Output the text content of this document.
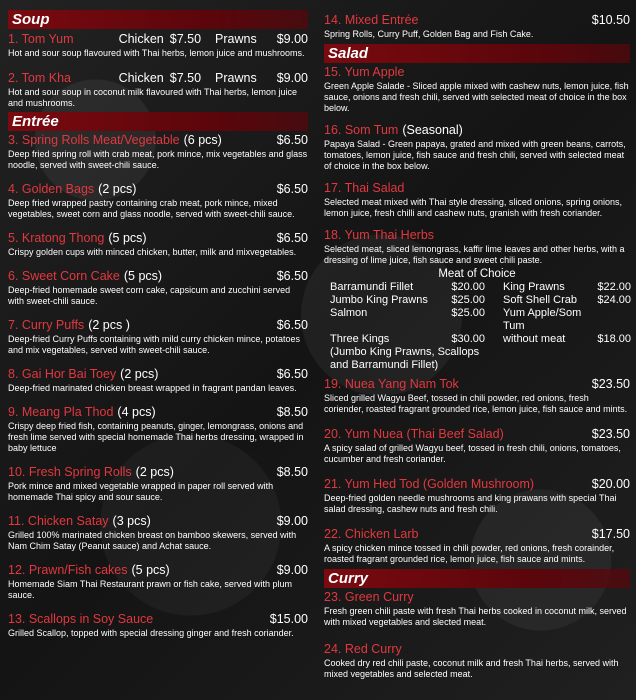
Soup
1. Tom Yum	Chicken $7.50 Prawns $9.00

Hot and sour soup flavoured with Thai herbs, lemon juice and mushrooms.

2. Tom Kha	Chicken $7.50 Prawns $9.00

Hot and sour soup in coconut milk flavoured with Thai herbs, lemon juice and mushrooms.

Entrée
3. Spring Rolls Meat/Vegetable (6 pcs)	$6.50

Deep fried spring roll with crab meat, pork mince, mix vegetables and glass noodle, served with sweet-chili sauce.

4. Golden Bags (2 pcs)	$6.50

Deep fried wrapped pastry containing crab meat, pork mince, mixed vegetables, sweet corn and glass noodle, served with sweet-chili sauce.

5. Kratong Thong (5 pcs)	$6.50

Crispy golden cups with minced chicken, butter, milk and mixvegetables.

6. Sweet Corn Cake (5 pcs)	$6.50

Deep-fried homemade sweet corn cake, capsicum and zucchini served with sweet-chili sauce.

7. Curry Puffs (2 pcs )	$6.50

Deep-fried Curry Puffs containing with mild curry chicken mince, potatoes and mix vegetables, served with sweet-chili sauce.

8. Gai Hor Bai Toey (2 pcs)	$6.50

Deep-fried marinated chicken breast wrapped in fragrant pandan leaves.

9. Meang Pla Thod (4 pcs)	$8.50

Crispy deep fried fish, containing peanuts, ginger, lemongrass, onions and fresh lime served with special homemade Thai herbs dressing, wrapped in baby lettuce

10. Fresh Spring Rolls (2 pcs)	$8.50

Pork mince and mixed vegetable wrapped in paper roll served with homemade Thai spicy and sour sauce.

11. Chicken Satay (3 pcs)	$9.00

Grilled 100% marinated chicken breast on bamboo skewers, served with Nam Chim Satay (Peanut sauce) and Achat sauce.

12. Prawn/Fish cakes (5 pcs)	$9.00

Homemade Siam Thai Restaurant prawn or fish cake, served with plum sauce.

13. Scallops in Soy Sauce	$15.00

Grilled Scallop, topped with special dressing ginger and fresh coriander.

14. Mixed Entrée	$10.50

Spring Rolls, Curry Puff, Golden Bag and Fish Cake.

Salad
15. Yum Apple

Green Apple Salade - Sliced apple mixed with cashew nuts, lemon juice, fish sauce, onions and fresh chili, served with selected meat of choice in the box below.

16. Som Tum (Seasonal)

Papaya Salad - Green papaya, grated and mixed with green beans, carrots, tomatoes, lemon juice, fish sauce and fresh chili, served with selected meat of choice in the box below.

17. Thai Salad

Selected meat mixed with Thai style dressing, sliced onions, spring onions, lemon juice, fresh chilli and cashew nuts, granish with fresh coriander.

18. Yum Thai Herbs

Selected meat, sliced lemongrass, kaffir lime leaves and other herbs, with a dressing of lime juice, fish sauce and sweet chili paste.

Meat of Choice
Barramundi Fillet	$20.00 King Prawns	$22.00
Jumbo King Prawns	$25.00 Soft Shell Crab	$24.00
Salmon	$25.00 Yum Apple/Som Tum
Three Kings	$30.00 without meat	$18.00
(Jumbo King Prawns, Scallops
and Barramundi Fillet)
19. Nuea Yang Nam Tok	$23.50

Sliced grilled Wagyu Beef, tossed in chili powder, red onions, fresh coriender, roasted fragrant grounded rice, lemon juice, fish sauce and mints.

20. Yum Nuea (Thai Beef Salad)	$23.50

A spicy salad of grilled Wagyu beef, tossed in fresh chili, onions, tomatoes, cucumber and fresh coriander.

21. Yum Hed Tod (Golden Mushroom)	$20.00

Deep-fried golden needle mushrooms and king prawans with special Thai salad dressing, cashew nuts and fresh chili.

22. Chicken Larb	$17.50

A spicy chicken mince tossed in chili powder, red onions, fresh corainder, roasted fragrant grounded rice, lemon juice, fish sauce and mints.

Curry
23. Green Curry

Fresh green chili paste with fresh Thai herbs cooked in coconut milk, served with mixed vegetables and slected meat.

24. Red Curry

Cooked dry red chili paste, coconut milk and fresh Thai herbs, served with mixed vegetables and selected meat.
